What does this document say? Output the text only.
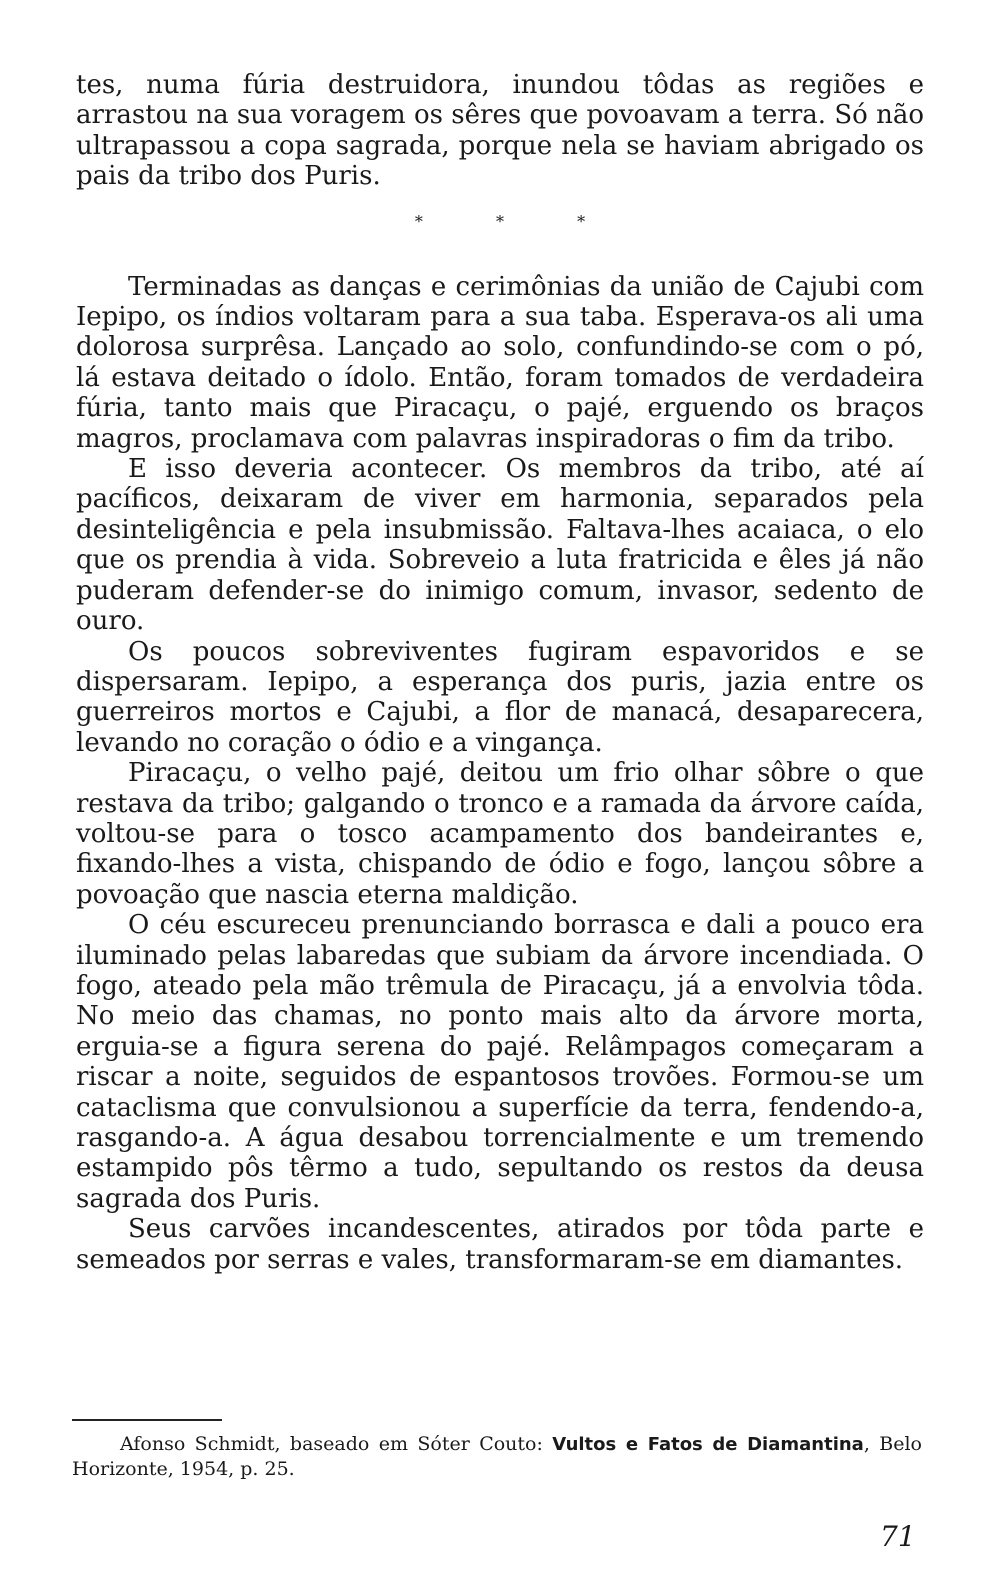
tes, numa fúria destruidora, inundou tôdas as regiões e arrastou na sua voragem os sêres que povoavam a terra. Só não ultrapassou a copa sagrada, porque nela se haviam abrigado os pais da tribo dos Puris.

* * *

Terminadas as danças e cerimônias da união de Cajubi com Iepipo, os índios voltaram para a sua taba. Esperava-os ali uma dolorosa surprêsa. Lançado ao solo, confundindo-se com o pó, lá estava deitado o ídolo. Então, foram tomados de verdadeira fúria, tanto mais que Piracaçu, o pajé, erguendo os braços magros, proclamava com palavras inspiradoras o fim da tribo.

E isso deveria acontecer. Os membros da tribo, até aí pacíficos, deixaram de viver em harmonia, separados pela desinteligência e pela insubmissão. Faltava-lhes acaiaca, o elo que os prendia à vida. Sobreveio a luta fratricida e êles já não puderam defender-se do inimigo comum, invasor, sedento de ouro.

Os poucos sobreviventes fugiram espavoridos e se dispersaram. Iepipo, a esperança dos puris, jazia entre os guerreiros mortos e Cajubi, a flor de manacá, desaparecera, levando no coração o ódio e a vingança.

Piracaçu, o velho pajé, deitou um frio olhar sôbre o que restava da tribo; galgando o tronco e a ramada da árvore caída, voltou-se para o tosco acampamento dos bandeirantes e, fixando-lhes a vista, chispando de ódio e fogo, lançou sôbre a povoação que nascia eterna maldição.

O céu escureceu prenunciando borrasca e dali a pouco era iluminado pelas labaredas que subiam da árvore incendiada. O fogo, ateado pela mão trêmula de Piracaçu, já a envolvia tôda. No meio das chamas, no ponto mais alto da árvore morta, erguia-se a figura serena do pajé. Relâmpagos começaram a riscar a noite, seguidos de espantosos trovões. Formou-se um cataclisma que convulsionou a superfície da terra, fendendo-a, rasgando-a. A água desabou torrencialmente e um tremendo estampido pôs têrmo a tudo, sepultando os restos da deusa sagrada dos Puris.

Seus carvões incandescentes, atirados por tôda parte e semeados por serras e vales, transformaram-se em diamantes.

Afonso Schmidt, baseado em Sóter Couto: Vultos e Fatos de Diamantina, Belo Horizonte, 1954, p. 25.

71
